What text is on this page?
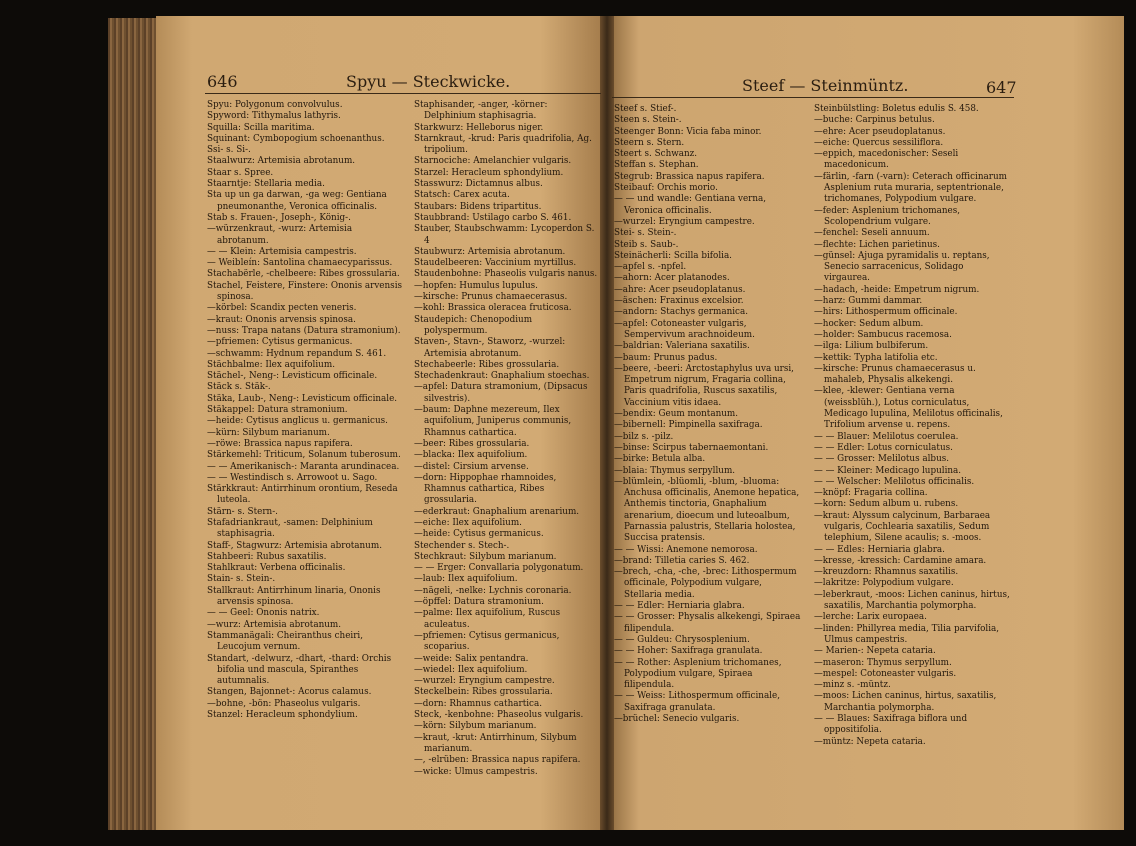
646	Spyu — Steckwicke.	Steef — Steinmüntz.	647

Spyu: Polygonum convolvulus.

Spyword: Tithymalus lathyris.

Squilla: Scilla maritima.

Squinant: Cymbopogium schoenanthus.

Ssi- s. Si-.

Staalwurz: Artemisia abrotanum.

Staar s. Spree.

Staarntje: Stellaria media.

Sta up un ga darwan, -ga weg: Gentiana pneumonanthe, Veronica officinalis.

Stab s. Frauen-, Joseph-, König-.

—würzenkraut, -wurz: Artemisia abrotanum.

— — Klein: Artemisia campestris.

— Weibleín: Santolina chamaecyparissus.

Stachabërle, -chelbeere: Ribes grossularia.

Stachel, Feistere, Finstere: Ononis arvensis spinosa.

—körbel: Scandix pecten veneris.

—kraut: Ononis arvensis spinosa.

—nuss: Trapa natans (Datura stramonium).

—pfriemen: Cytisus germanicus.

—schwamm: Hydnum repandum S. 461.

Stächbalme: Ilex aquifolium.

Stächel-, Neng-: Levisticum officinale.

Stäck s. Stäk-.

Stäka, Laub-, Neng-: Levisticum officinale.

Stäkappel: Datura stramonium.

—heide: Cytisus anglicus u. germanicus.

—kürn: Silybum marianum.

—röwe: Brassica napus rapifera.

Stärkemehl: Triticum, Solanum tuberosum.

— — Amerikanisch-: Maranta arundinacea.

— — Westindisch s. Arrowoot u. Sago.

Stärkkraut: Antirrhinum orontium, Reseda luteola.

Stärn- s. Stern-.

Stafadriankraut, -samen: Delphinium staphisagria.

Staff-, Stagwurz: Artemisia abrotanum.

Stahbeeri: Rubus saxatilis.

Stahlkraut: Verbena officinalis.

Stain- s. Stein-.

Stallkraut: Antirrhinum linaria, Ononis arvensis spinosa.

— — Geel: Ononis natrix.

—wurz: Artemisia abrotanum.

Stammanägali: Cheiranthus cheiri, Leucojum vernum.

Standart, -delwurz, -dhart, -thard: Orchis bifolia und mascula, Spiranthes autumnalis.

Stangen, Bajonnet-: Acorus calamus.

—bohne, -bön: Phaseolus vulgaris.

Stanzel: Heracleum sphondylium.

Staphisander, -anger, -körner: Delphinium staphisagria.

Starkwurz: Helleborus niger.

Starnkraut, -krud: Paris quadrifolia, Ag. tripolium.

Starnociche: Amelanchier vulgaris.

Starzel: Heracleum sphondylium.

Stasswurz: Dictamnus albus.

Statsch: Carex acuta.

Staubars: Bidens tripartitus.

Staubbrand: Ustilago carbo S. 461.

Stauber, Staubschwamm: Lycoperdon S. 4

Staubwurz: Artemisia abrotanum.

Staudelbeeren: Vaccinium myrtillus.

Staudenbohne: Phaseolis vulgaris nanus.

—hopfen: Humulus lupulus.

—kirsche: Prunus chamaecerasus.

—kohl: Brassica oleracea fruticosa.

Staudерich: Chenopodium polyspermum.

Staven-, Stavn-, Staworz, -wurzel: Artemisia abrotanum.

Stechabeerle: Ribes grossularia.

Stechadenkraut: Gnaphalium stoechas.

—apfel: Datura stramonium, (Dipsacus silvestris).

—baum: Daphne mezereum, Ilex aquifolium, Juniperus communis, Rhamnus cathartica.

—beer: Ribes grossularia.

—blacka: Ilex aquifolium.

—distel: Cirsium arvense.

—dorn: Hippophae rhamnoides, Rhamnus cathartica, Ribes grossularia.

—ederkraut: Gnaphalium arenarium.

—eiche: Ilex aquifolium.

—heide: Cytisus germanicus.

Stechender s. Stech-.

Stechkraut: Silybum marianum.

— — Erger: Convallaria polygonatum.

—laub: Ilex aquifolium.

—nägeli, -nelke: Lychnis coronaria.

—öpffel: Datura stramonium.

—palme: Ilex aquifolium, Ruscus aculeatus.

—pfriemen: Cytisus germanicus, scoparius.

—weide: Salix pentandra.

—wiedel: Ilex aquifolium.

—wurzel: Eryngium campestre.

Steckelbein: Ribes grossularia.

—dorn: Rhamnus cathartica.

Steck, -kenbohne: Phaseolus vulgaris.

—körn: Silybum marianum.

—kraut, -krut: Antirrhinum, Silybum marianum.

—, -elrüben: Brassica napus rapifera.

—wicke: Ulmus campestris.

Steef s. Stief-.

Steen s. Stein-.

Steenger Bonn: Vicia faba minor.

Steern s. Stern.

Steert s. Schwanz.

Steffan s. Stephan.

Stegrub: Brassica napus rapifera.

Steibauf: Orchis morio.

— — und wandle: Gentiana verna, Veronica officinalis.

—wurzel: Eryngium campestre.

Stei- s. Stein-.

Steib s. Saub-.

Steinächerli: Scilla bifolia.

—apfel s. -npfel.

—ahorn: Acer platanodes.

—ahre: Acer pseudoplatanus.

—äschen: Fraxinus excelsior.

—andorn: Stachys germanica.

—apfel: Cotoneaster vulgaris, Sempervivum arachnoideum.

—baldrian: Valeriana saxatilis.

—baum: Prunus padus.

—beere, -beeri: Arctostaphylus uva ursi, Empetrum nigrum, Fragaria collina, Paris quadrifolia, Ruscus saxatilis, Vaccinium vitis idaea.

—bendix: Geum montanum.

—bibernell: Pimpinella saxifraga.

—bilz s. -pilz.

—binse: Scirpus tabernaemontani.

—birke: Betula alba.

—blaia: Thymus serpyllum.

—blümlein, -blüomli, -blum, -bluoma: Anchusa officinalis, Anemone hepatica, Anthemis tinctoria, Gnaphalium arenarium, dioecum und luteoalbum, Parnassia palustris, Stellaria holostea, Succisa pratensis.

— — Wissi: Anemone nemorosa.

—brand: Tilletia caries S. 462.

—brech, -cha, -che, -brec: Lithospermum officinale, Polypodium vulgare, Stellaria media.

— — Edler: Herniaria glabra.

— — Grosser: Physalis alkekengi, Spiraea filipendula.

— — Guldeu: Chrysosplenium.

— — Hoher: Saxifraga granulata.

— — Rother: Asplenium trichomanes, Polypodium vulgare, Spiraea filipendula.

— — Weiss: Lithospermum officinale, Saxifraga granulata.

—brüchel: Senecio vulgaris.

Steinbülstling: Boletus edulis S. 458.

—buche: Carpinus betulus.

—ehre: Acer pseudoplatanus.

—eiche: Quercus sessiliflora.

—eppich, macedonischer: Seseli macedonicum.

—färlin, -farn (-varn): Ceterach officinarum Asplenium ruta muraria, septentrionale, trichomanes, Polypodium vulgare.

—feder: Asplenium trichomanes, Scolopendrium vulgare.

—fenchel: Seseli annuum.

—flechte: Lichen parietinus.

—günsel: Ajuga pyramidalis u. reptans, Senecio sarracenicus, Solidago virgaurea.

—hadach, -heide: Empetrum nigrum.

—harz: Gummi dammar.

—hirs: Lithospermum officinale.

—hocker: Sedum album.

—holder: Sambucus racemosa.

—ilga: Lilium bulbiferum.

—kettik: Typha latifolia etc.

—kirsche: Prunus chamaecerasus u. mahaleb, Physalis alkekengi.

—klee, -klewer: Gentiana verna (weissblüh.), Lotus corniculatus, Medicago lupulina, Melilotus officinalis, Trifolium arvense u. repens.

— — Blauer: Melilotus coerulea.

— — Edler: Lotus corniculatus.

— — Grosser: Melilotus albus.

— — Kleiner: Medicago lupulina.

— — Welscher: Melilotus officinalis.

—knöpf: Fragaria collina.

—korn: Sedum album u. rubens.

—kraut: Alyssum calycinum, Barbaraea vulgaris, Cochlearia saxatilis, Sedum telephium, Silene acaulis; s. -moos.

— — Edles: Herniaria glabra.

—kresse, -kressich: Cardamine amara.

—kreuzdorn: Rhamnus saxatilis.

—lakritze: Polypodium vulgare.

—leberkraut, -moos: Lichen caninus, hirtus, saxatilis, Marchantia polymorpha.

—lerche: Larix europaea.

—linden: Phillyrea media, Tilia parvifolia, Ulmus campestris.

— Marien-: Nepeta cataria.

—maseron: Thymus serpyllum.

—mespel: Cotoneaster vulgaris.

—minz s. -müntz.

—moos: Lichen caninus, hirtus, saxatilis, Marchantia polymorpha.

— — Blaues: Saxifraga biflora und oppositifolia.

—müntz: Nepeta cataria.
